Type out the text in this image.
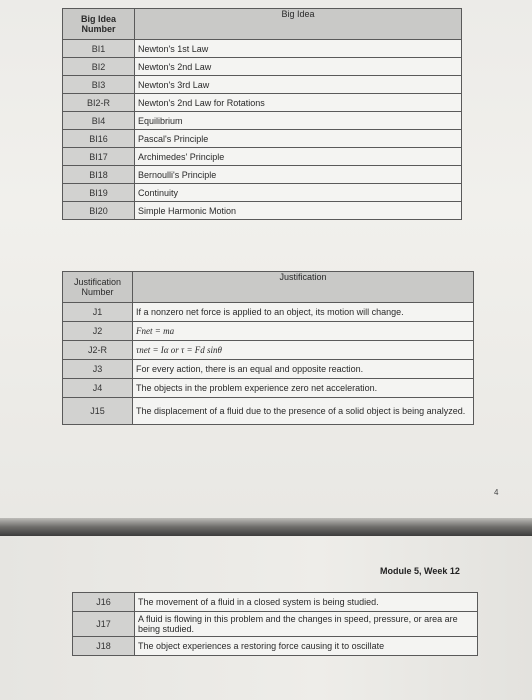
Big Idea Number	Big Idea
BI1	Newton's 1st Law
BI2	Newton's 2nd Law
BI3	Newton's 3rd Law
BI2-R	Newton's 2nd Law for Rotations
BI4	Equilibrium
BI16	Pascal's Principle
BI17	Archimedes' Principle
BI18	Bernoulli's Principle
BI19	Continuity
BI20	Simple Harmonic Motion
Justification Number	Justification
J1	If a nonzero net force is applied to an object, its motion will change.
J2	Fnet = ma
J2-R	τnet = Iα or τ = Fd sinθ
J3	For every action, there is an equal and opposite reaction.
J4	The objects in the problem experience zero net acceleration.
J15	The displacement of a fluid due to the presence of a solid object is being analyzed.
4
Module 5, Week 12
J16	The movement of a fluid in a closed system is being studied.
J17	A fluid is flowing in this problem and the changes in speed, pressure, or area are being studied.
J18	The object experiences a restoring force causing it to oscillate
